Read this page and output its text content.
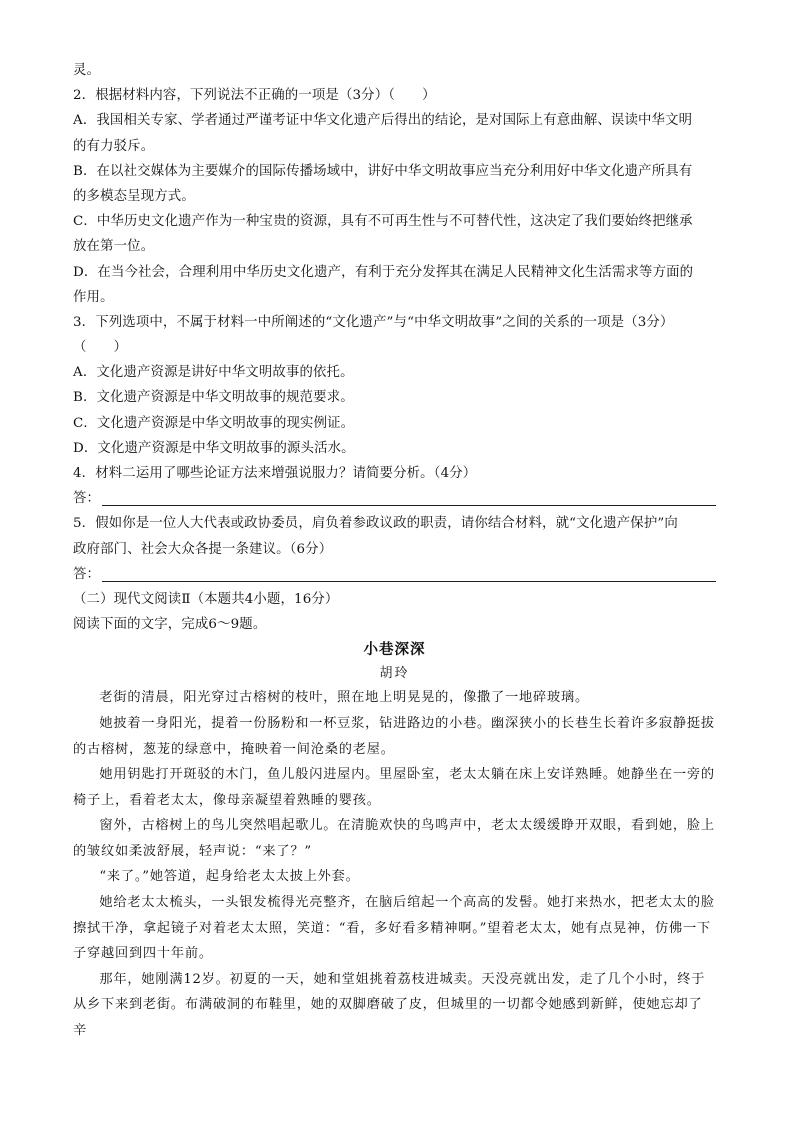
灵。
2．根据材料内容，下列说法不正确的一项是（3分）（　　）
A．我国相关专家、学者通过严谨考证中华文化遗产后得出的结论，是对国际上有意曲解、误读中华文明
的有力驳斥。
B．在以社交媒体为主要媒介的国际传播场域中，讲好中华文明故事应当充分利用好中华文化遗产所具有
的多模态呈现方式。
C．中华历史文化遗产作为一种宝贵的资源，具有不可再生性与不可替代性，这决定了我们要始终把继承
放在第一位。
D．在当今社会，合理利用中华历史文化遗产，有利于充分发挥其在满足人民精神文化生活需求等方面的
作用。
3．下列选项中，不属于材料一中所阐述的“文化遗产”与“中华文明故事”之间的关系的一项是（3分）
（　　）
A．文化遗产资源是讲好中华文明故事的依托。
B．文化遗产资源是中华文明故事的规范要求。
C．文化遗产资源是中华文明故事的现实例证。
D．文化遗产资源是中华文明故事的源头活水。
4．材料二运用了哪些论证方法来增强说服力？请简要分析。（4分）
答：
5．假如你是一位人大代表或政协委员，肩负着参政议政的职责，请你结合材料，就“文化遗产保护”向
政府部门、社会大众各提一条建议。（6分）
答：
（二）现代文阅读Ⅱ（本题共4小题，16分）
阅读下面的文字，完成6～9题。
小巷深深
胡玲

老街的清晨，阳光穿过古榕树的枝叶，照在地上明晃晃的，像撒了一地碎玻璃。

她披着一身阳光，提着一份肠粉和一杯豆浆，钻进路边的小巷。幽深狭小的长巷生长着许多寂静挺拔的古榕树，葱茏的绿意中，掩映着一间沧桑的老屋。

她用钥匙打开斑驳的木门，鱼儿般闪进屋内。里屋卧室，老太太躺在床上安详熟睡。她静坐在一旁的椅子上，看着老太太，像母亲凝望着熟睡的婴孩。

窗外，古榕树上的鸟儿突然唱起歌儿。在清脆欢快的鸟鸣声中，老太太缓缓睁开双眼，看到她，脸上的皱纹如柔波舒展，轻声说：“来了？”

“来了。”她答道，起身给老太太披上外套。

她给老太太梳头，一头银发梳得光亮整齐，在脑后绾起一个高高的发髻。她打来热水，把老太太的脸擦拭干净，拿起镜子对着老太太照，笑道：“看，多好看多精神啊。”望着老太太，她有点晃神，仿佛一下子穿越回到四十年前。

那年，她刚满12岁。初夏的一天，她和堂姐挑着荔枝进城卖。天没亮就出发，走了几个小时，终于从乡下来到老街。布满破洞的布鞋里，她的双脚磨破了皮，但城里的一切都令她感到新鲜，使她忘却了辛
